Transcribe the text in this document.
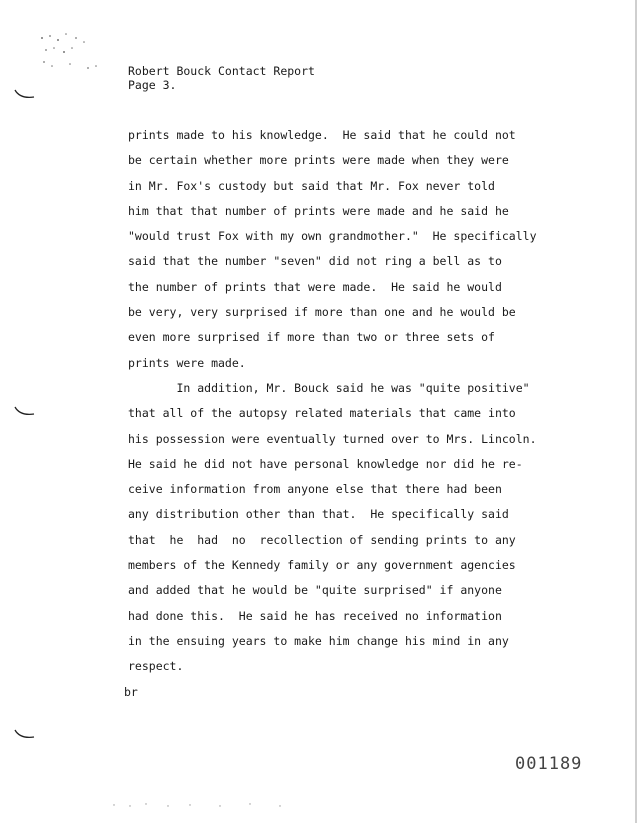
Robert Bouck Contact Report
Page 3.
prints made to his knowledge.  He said that he could not
be certain whether more prints were made when they were
in Mr. Fox's custody but said that Mr. Fox never told
him that that number of prints were made and he said he
"would trust Fox with my own grandmother."  He specifically
said that the number "seven" did not ring a bell as to
the number of prints that were made.  He said he would
be very, very surprised if more than one and he would be
even more surprised if more than two or three sets of
prints were made.
In addition, Mr. Bouck said he was "quite positive"
that all of the autopsy related materials that came into
his possession were eventually turned over to Mrs. Lincoln.
He said he did not have personal knowledge nor did he re-
ceive information from anyone else that there had been
any distribution other than that.  He specifically said
that  he  had  no  recollection of sending prints to any
members of the Kennedy family or any government agencies
and added that he would be "quite surprised" if anyone
had done this.  He said he has received no information
in the ensuing years to make him change his mind in any
respect.
br
001189
